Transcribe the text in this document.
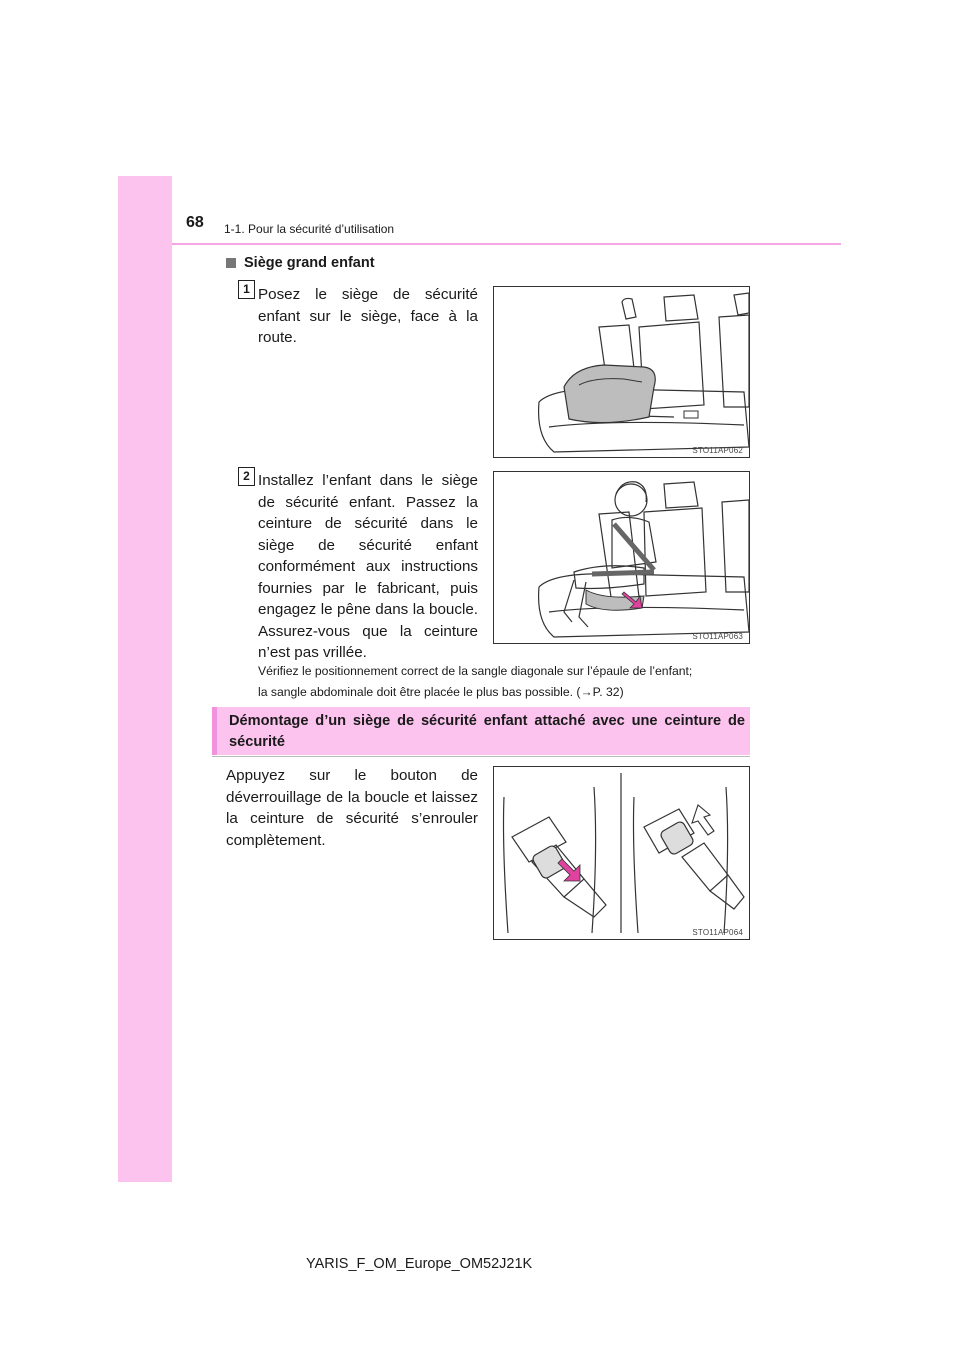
68 1-1. Pour la sécurité d’utilisation
Siège grand enfant
1 Posez le siège de sécurité enfant sur le siège, face à la route.
STO11AP062
2 Installez l’enfant dans le siège de sécurité enfant. Passez la ceinture de sécurité dans le siège de sécurité enfant conformément aux instructions fournies par le fabricant, puis engagez le pêne dans la boucle. Assurez-vous que la ceinture n’est pas vrillée.
STO11AP063
Vérifiez le positionnement correct de la sangle diagonale sur l’épaule de l’enfant;
la sangle abdominale doit être placée le plus bas possible. (→P. 32)
Démontage d’un siège de sécurité enfant attaché avec une ceinture de sécurité
Appuyez sur le bouton de déverrouillage de la boucle et laissez la ceinture de sécurité s’enrouler complètement.
STO11AP064
YARIS_F_OM_Europe_OM52J21K
